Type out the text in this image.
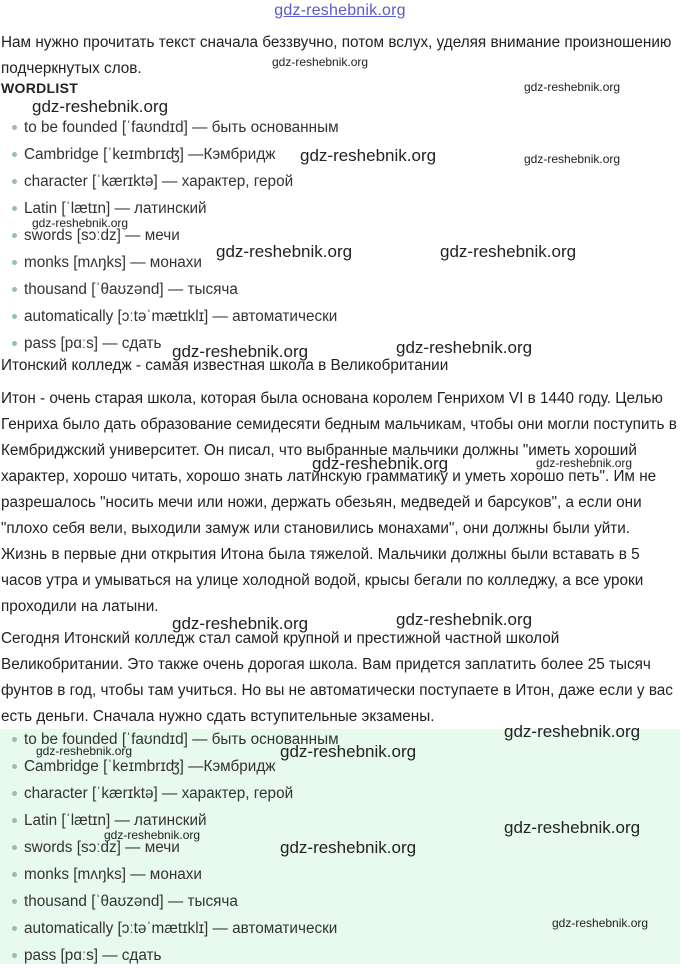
gdz-reshebnik.org

Нам нужно прочитать текст сначала беззвучно, потом вслух, уделяя внимание произношению подчеркнутых слов.

WORDLIST

to be founded [ˈfaʊndɪd] — быть основанным
Cambridge [ˈkeɪmbrɪʤ] —Кэмбридж
character [ˈkærɪktə] — характер, герой
Latin [ˈlætɪn] — латинский
swords [sɔːdz] — мечи
monks [mʌŋks] — монахи
thousand [ˈθaʊzənd] — тысяча
automatically [ɔːtəˈmætɪklɪ] — автоматически
pass [pɑːs] — сдать

Итонский колледж - самая известная школа в Великобритании

Итон - очень старая школа, которая была основана королем Генрихом VI в 1440 году. Целью Генриха было дать образование семидесяти бедным мальчикам, чтобы они могли поступить в Кембриджский университет. Он писал, что выбранные мальчики должны "иметь хороший характер, хорошо читать, хорошо знать латинскую грамматику и уметь хорошо петь". Им не разрешалось "носить мечи или ножи, держать обезьян, медведей и барсуков", а если они "плохо себя вели, выходили замуж или становились монахами", они должны были уйти. Жизнь в первые дни открытия Итона была тяжелой. Мальчики должны были вставать в 5 часов утра и умываться на улице холодной водой, крысы бегали по колледжу, а все уроки проходили на латыни.

Сегодня Итонский колледж стал самой крупной и престижной частной школой Великобритании. Это также очень дорогая школа. Вам придется заплатить более 25 тысяч фунтов в год, чтобы там учиться. Но вы не автоматически поступаете в Итон, даже если у вас есть деньги. Сначала нужно сдать вступительные экзамены.

to be founded [ˈfaʊndɪd] — быть основанным
Cambridge [ˈkeɪmbrɪʤ] —Кэмбридж
character [ˈkærɪktə] — характер, герой
Latin [ˈlætɪn] — латинский
swords [sɔːdz] — мечи
monks [mʌŋks] — монахи
thousand [ˈθaʊzənd] — тысяча
automatically [ɔːtəˈmætɪklɪ] — автоматически
pass [pɑːs] — сдать
gdz-reshebnik.org
gdz-reshebnik.org
gdz-reshebnik.org
gdz-reshebnik.org	gdz-reshebnik.org
gdz-reshebnik.org
gdz-reshebnik.org	gdz-reshebnik.org
gdz-reshebnik.org	gdz-reshebnik.org
gdz-reshebnik.org	gdz-reshebnik.org
gdz-reshebnik.org	gdz-reshebnik.org
gdz-reshebnik.org
gdz-reshebnik.org	gdz-reshebnik.org
gdz-reshebnik.org
gdz-reshebnik.org
gdz-reshebnik.org
gdz-reshebnik.org
